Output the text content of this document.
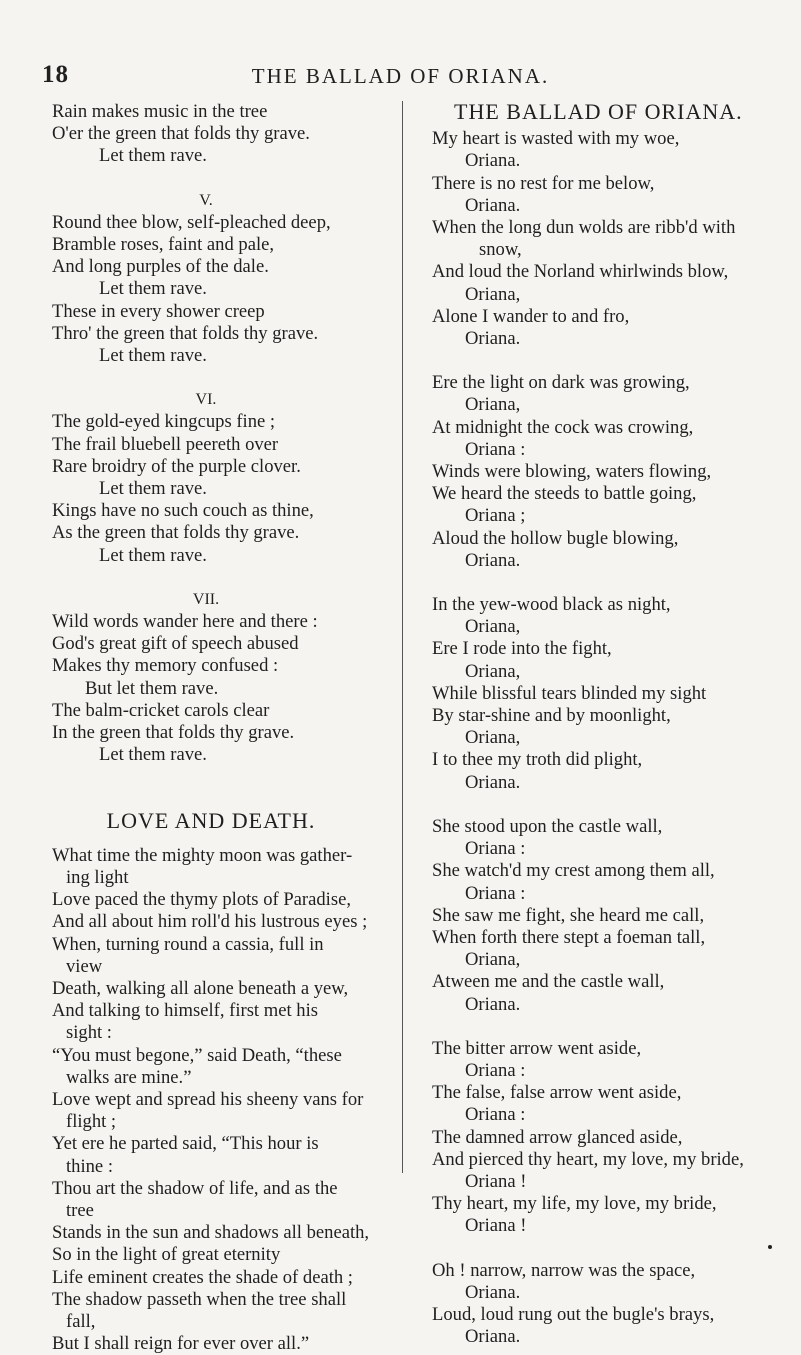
18	THE BALLAD OF ORIANA.
Rain makes music in the tree
O'er the green that folds thy grave.
Let them rave.
V.
Round thee blow, self-pleached deep,
Bramble roses, faint and pale,
And long purples of the dale.
Let them rave.
These in every shower creep
Thro' the green that folds thy grave.
Let them rave.
VI.
The gold-eyed kingcups fine ;
The frail bluebell peereth over
Rare broidry of the purple clover.
Let them rave.
Kings have no such couch as thine,
As the green that folds thy grave.
Let them rave.
VII.
Wild words wander here and there :
God's great gift of speech abused
Makes thy memory confused :
But let them rave.
The balm-cricket carols clear
In the green that folds thy grave.
Let them rave.
LOVE AND DEATH.
What time the mighty moon was gather-
ing light
Love paced the thymy plots of Paradise,
And all about him roll'd his lustrous eyes ;
When, turning round a cassia, full in
view
Death, walking all alone beneath a yew,
And talking to himself, first met his
sight :
“You must begone,” said Death, “these
walks are mine.”
Love wept and spread his sheeny vans for
flight ;
Yet ere he parted said, “This hour is
thine :
Thou art the shadow of life, and as the
tree
Stands in the sun and shadows all beneath,
So in the light of great eternity
Life eminent creates the shade of death ;
The shadow passeth when the tree shall
fall,
But I shall reign for ever over all.”
THE BALLAD OF ORIANA.
My heart is wasted with my woe,
Oriana.
There is no rest for me below,
Oriana.
When the long dun wolds are ribb'd with
snow,
And loud the Norland whirlwinds blow,
Oriana,
Alone I wander to and fro,
Oriana.
Ere the light on dark was growing,
Oriana,
At midnight the cock was crowing,
Oriana :
Winds were blowing, waters flowing,
We heard the steeds to battle going,
Oriana ;
Aloud the hollow bugle blowing,
Oriana.
In the yew-wood black as night,
Oriana,
Ere I rode into the fight,
Oriana,
While blissful tears blinded my sight
By star-shine and by moonlight,
Oriana,
I to thee my troth did plight,
Oriana.
She stood upon the castle wall,
Oriana :
She watch'd my crest among them all,
Oriana :
She saw me fight, she heard me call,
When forth there stept a foeman tall,
Oriana,
Atween me and the castle wall,
Oriana.
The bitter arrow went aside,
Oriana :
The false, false arrow went aside,
Oriana :
The damned arrow glanced aside,
And pierced thy heart, my love, my bride,
Oriana !
Thy heart, my life, my love, my bride,
Oriana !
Oh ! narrow, narrow was the space,
Oriana.
Loud, loud rung out the bugle's brays,
Oriana.
